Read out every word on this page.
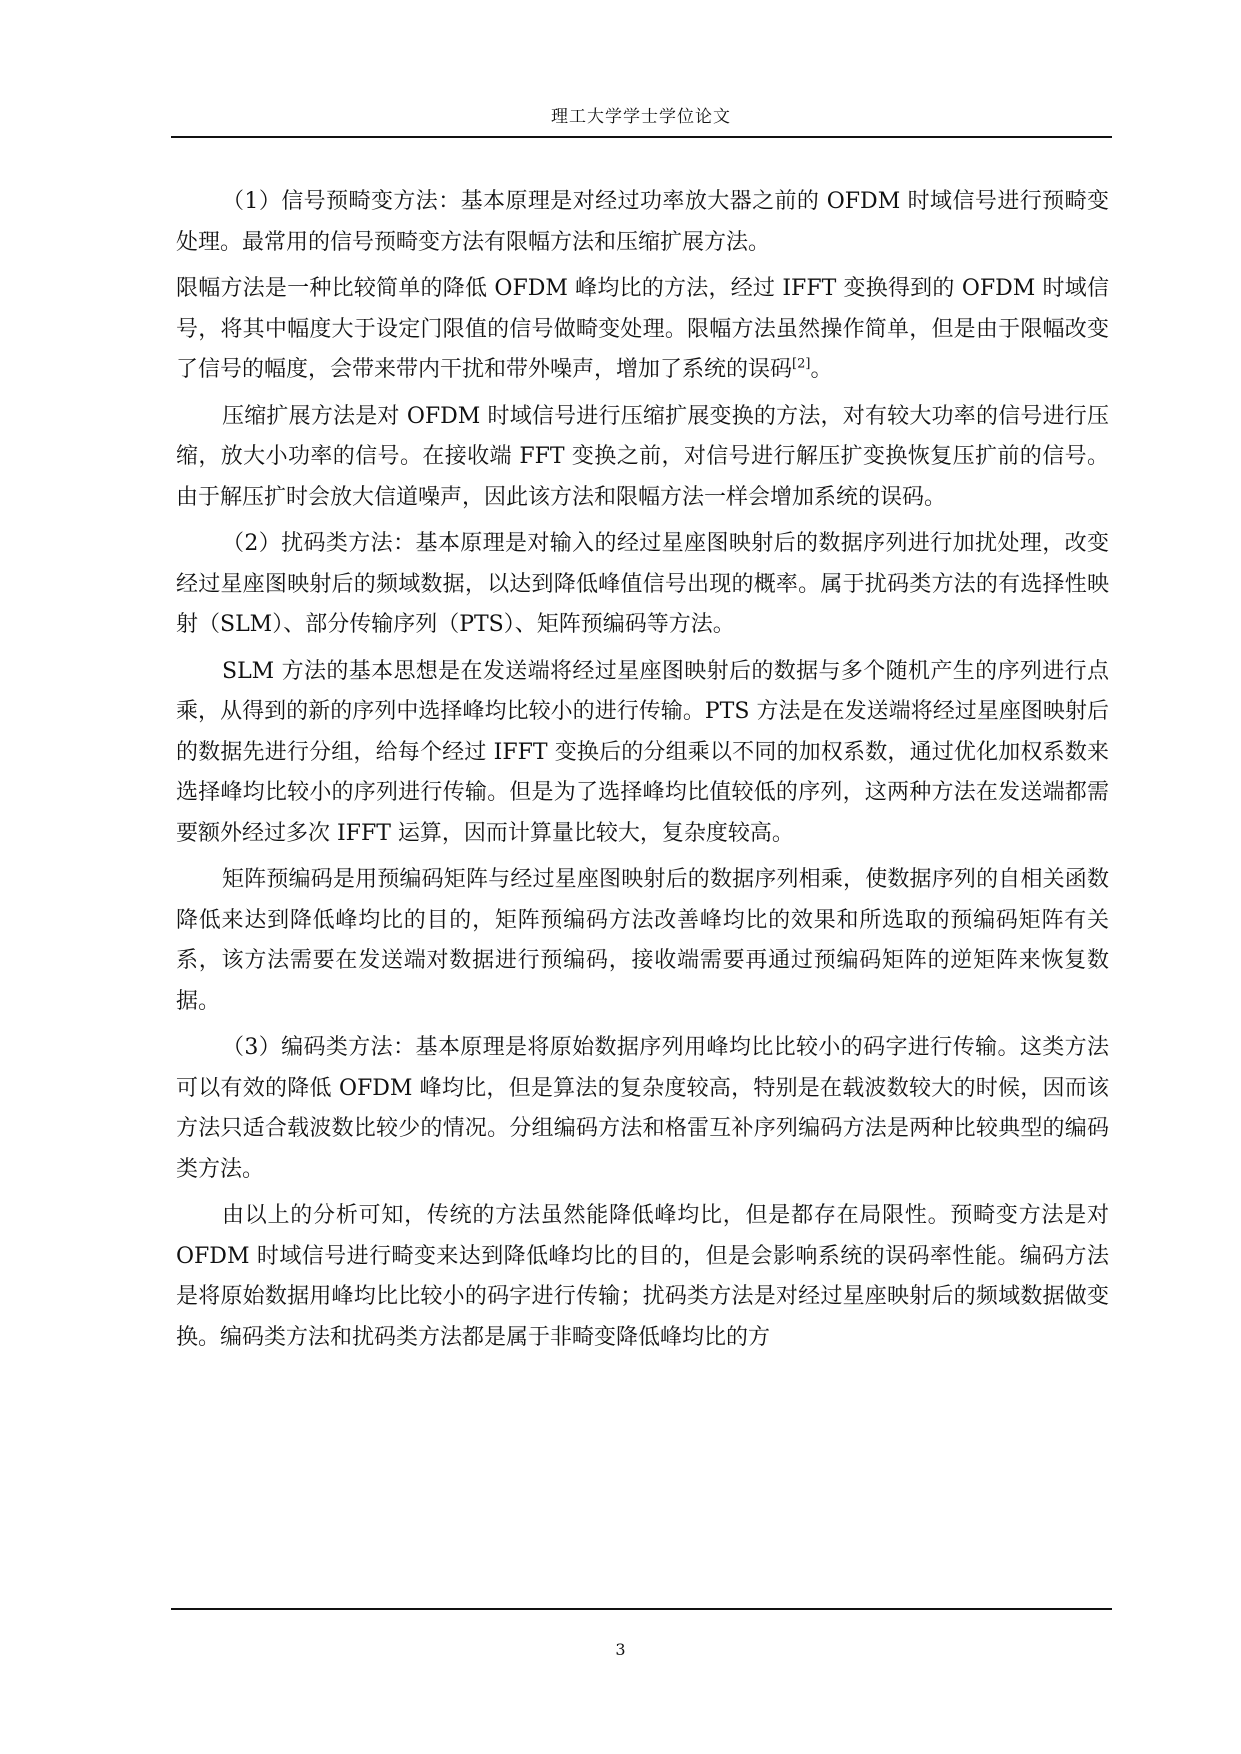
理工大学学士学位论文

（1）信号预畸变方法：基本原理是对经过功率放大器之前的 OFDM 时域信号进行预畸变处理。最常用的信号预畸变方法有限幅方法和压缩扩展方法。

限幅方法是一种比较简单的降低 OFDM 峰均比的方法，经过 IFFT 变换得到的 OFDM 时域信号，将其中幅度大于设定门限值的信号做畸变处理。限幅方法虽然操作简单，但是由于限幅改变了信号的幅度，会带来带内干扰和带外噪声，增加了系统的误码[2]。

压缩扩展方法是对 OFDM 时域信号进行压缩扩展变换的方法，对有较大功率的信号进行压缩，放大小功率的信号。在接收端 FFT 变换之前，对信号进行解压扩变换恢复压扩前的信号。由于解压扩时会放大信道噪声，因此该方法和限幅方法一样会增加系统的误码。

（2）扰码类方法：基本原理是对输入的经过星座图映射后的数据序列进行加扰处理，改变经过星座图映射后的频域数据，以达到降低峰值信号出现的概率。属于扰码类方法的有选择性映射（SLM）、部分传输序列（PTS）、矩阵预编码等方法。

SLM 方法的基本思想是在发送端将经过星座图映射后的数据与多个随机产生的序列进行点乘，从得到的新的序列中选择峰均比较小的进行传输。PTS 方法是在发送端将经过星座图映射后的数据先进行分组，给每个经过 IFFT 变换后的分组乘以不同的加权系数，通过优化加权系数来选择峰均比较小的序列进行传输。但是为了选择峰均比值较低的序列，这两种方法在发送端都需要额外经过多次 IFFT 运算，因而计算量比较大，复杂度较高。

矩阵预编码是用预编码矩阵与经过星座图映射后的数据序列相乘，使数据序列的自相关函数降低来达到降低峰均比的目的，矩阵预编码方法改善峰均比的效果和所选取的预编码矩阵有关系，该方法需要在发送端对数据进行预编码，接收端需要再通过预编码矩阵的逆矩阵来恢复数据。

（3）编码类方法：基本原理是将原始数据序列用峰均比比较小的码字进行传输。这类方法可以有效的降低 OFDM 峰均比，但是算法的复杂度较高，特别是在载波数较大的时候，因而该方法只适合载波数比较少的情况。分组编码方法和格雷互补序列编码方法是两种比较典型的编码类方法。

由以上的分析可知，传统的方法虽然能降低峰均比，但是都存在局限性。预畸变方法是对 OFDM 时域信号进行畸变来达到降低峰均比的目的，但是会影响系统的误码率性能。编码方法是将原始数据用峰均比比较小的码字进行传输；扰码类方法是对经过星座映射后的频域数据做变换。编码类方法和扰码类方法都是属于非畸变降低峰均比的方

3
